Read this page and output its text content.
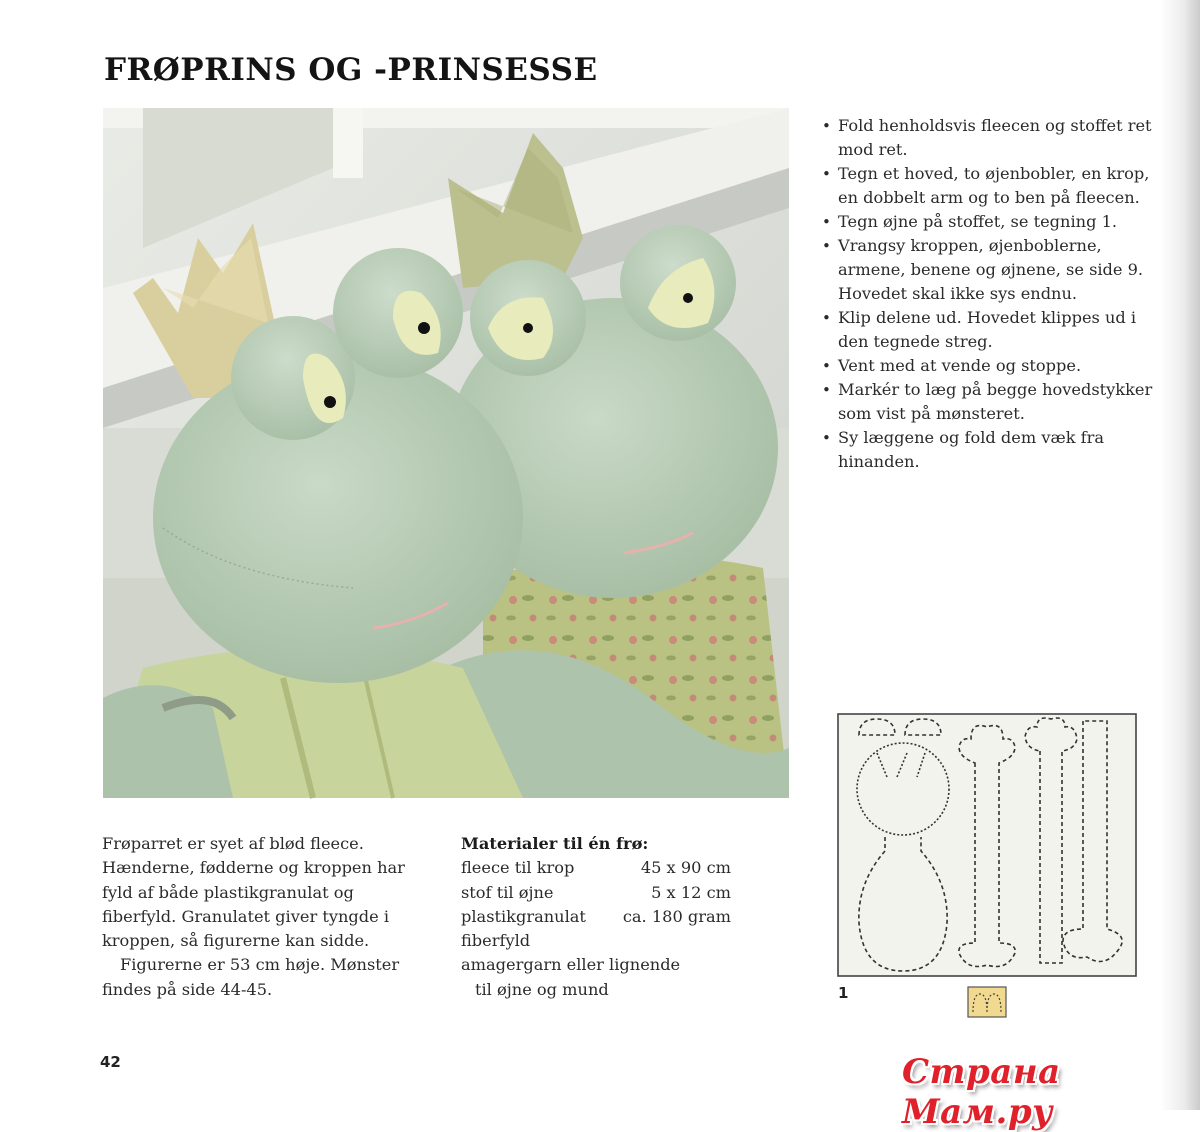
FRØPRINS OG -PRINSESSE
• Fold henholdsvis fleecen og stoffet ret mod ret.
• Tegn et hoved, to øjenbobler, en krop, en dobbelt arm og to ben på fleecen.
• Tegn øjne på stoffet, se tegning 1.
• Vrangsy kroppen, øjenboblerne, armene, benene og øjnene, se side 9. Hovedet skal ikke sys endnu.
• Klip delene ud. Hovedet klippes ud i den tegnede streg.
• Vent med at vende og stoppe.
• Markér to læg på begge hovedstykker som vist på mønsteret.
• Sy læggene og fold dem væk fra hinanden.

Frøparret er syet af blød fleece. Hænderne, fødderne og kroppen har fyld af både plastikgranulat og fiberfyld. Granulatet giver tyngde i kroppen, så figurerne kan sidde.

Figurerne er 53 cm høje. Mønster findes på side 44-45.

Materialer til én frø:
fleece til krop	45 x 90 cm
stof til øjne	5 x 12 cm
plastikgranulat ca. 180 gram
fiberfyld
amagergarn eller lignende
til øjne og mund	1
42	Страна Мам.ру
